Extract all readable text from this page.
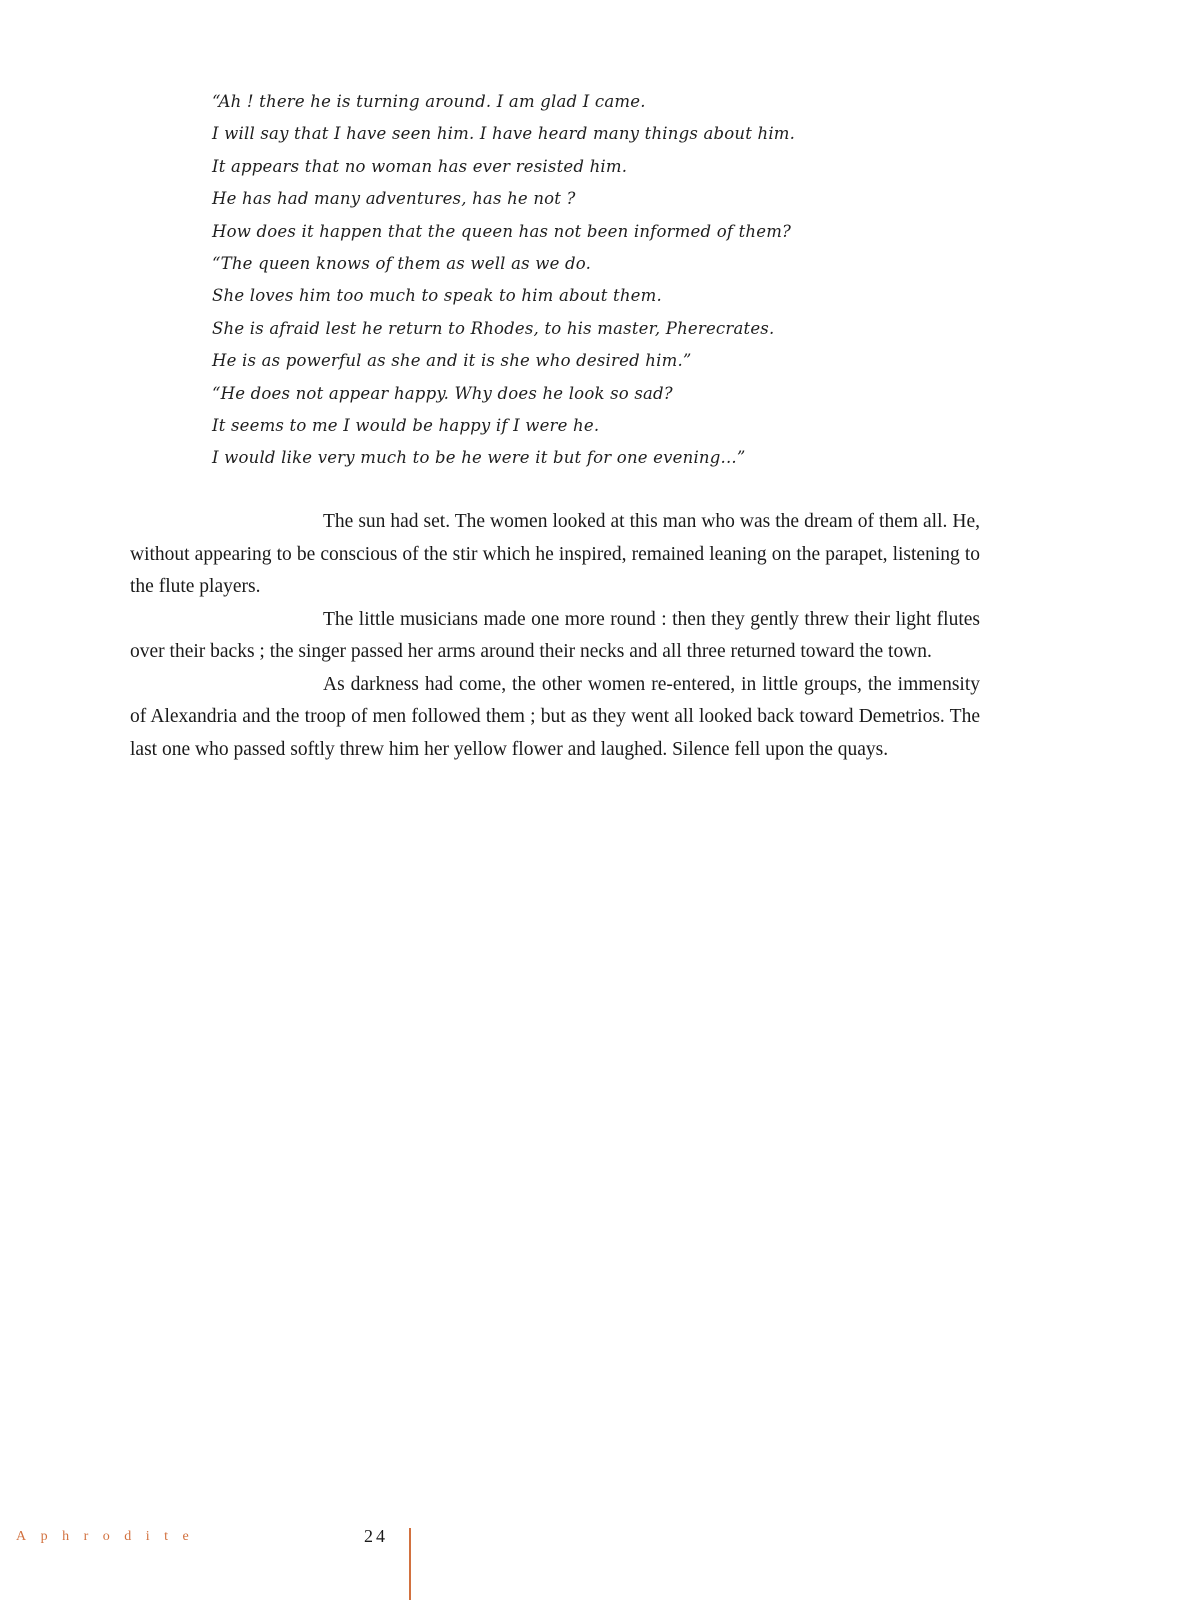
“Ah ! there he is turning around. I am glad I came.
I will say that I have seen him. I have heard many things about him.
It appears that no woman has ever resisted him.
He has had many adventures, has he not ?
How does it happen that the queen has not been informed of them?
“The queen knows of them as well as we do.
She loves him too much to speak to him about them.
She is afraid lest he return to Rhodes, to his master, Pherecrates.
He is as powerful as she and it is she who desired him.”
“He does not appear happy. Why does he look so sad?
It seems to me I would be happy if I were he.
I would like very much to be he were it but for one evening...”

The sun had set. The women looked at this man who was the dream of them all. He, without appearing to be conscious of the stir which he inspired, remained leaning on the parapet, listening to the flute players.

The little musicians made one more round : then they gently threw their light flutes over their backs ; the singer passed her arms around their necks and all three returned toward the town.

As darkness had come, the other women re-entered, in little groups, the immensity of Alexandria and the troop of men followed them ; but as they went all looked back toward Demetrios. The last one who passed softly threw him her yellow flower and laughed. Silence fell upon the quays.

Aphrodite	24
